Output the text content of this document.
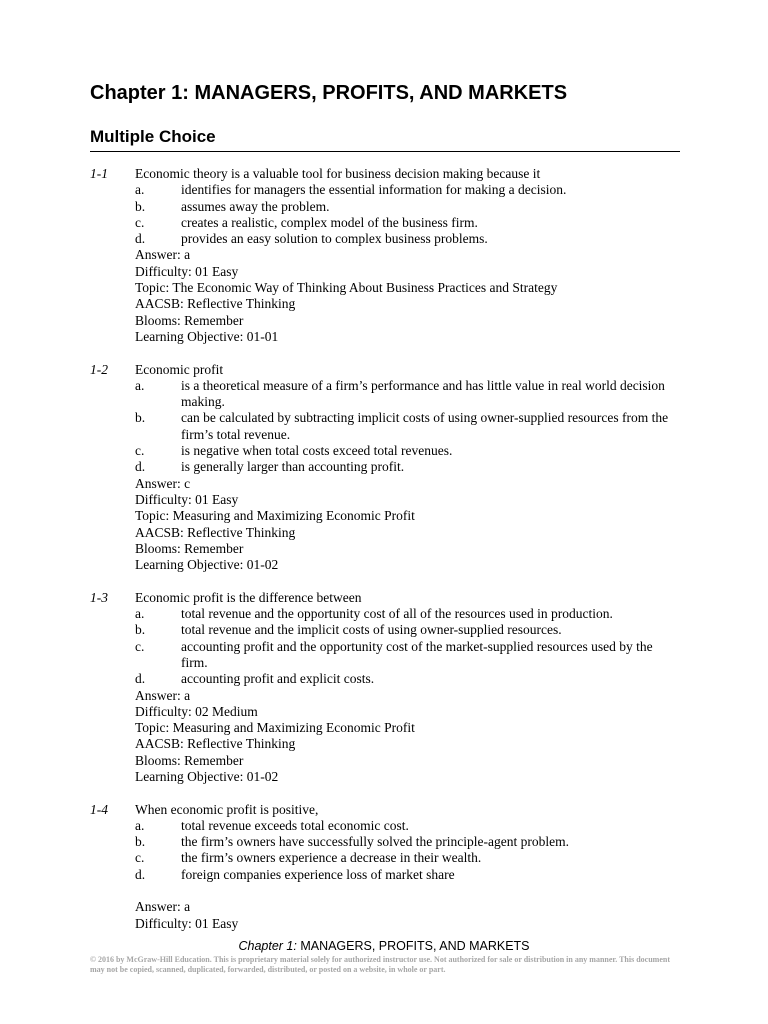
Chapter 1: MANAGERS, PROFITS, AND MARKETS
Multiple Choice
1-1 Economic theory is a valuable tool for business decision making because it
a.	identifies for managers the essential information for making a decision.
b.	assumes away the problem.
c.	creates a realistic, complex model of the business firm.
d.	provides an easy solution to complex business problems.
Answer: a
Difficulty: 01 Easy
Topic: The Economic Way of Thinking About Business Practices and Strategy
AACSB: Reflective Thinking
Blooms: Remember
Learning Objective: 01-01
1-2 Economic profit
a.	is a theoretical measure of a firm’s performance and has little value in real world decision making.
b.	can be calculated by subtracting implicit costs of using owner-supplied resources from the firm’s total revenue.
c.	is negative when total costs exceed total revenues.
d.	is generally larger than accounting profit.
Answer: c
Difficulty: 01 Easy
Topic: Measuring and Maximizing Economic Profit
AACSB: Reflective Thinking
Blooms: Remember
Learning Objective: 01-02
1-3 Economic profit is the difference between
a.	total revenue and the opportunity cost of all of the resources used in production.
b.	total revenue and the implicit costs of using owner-supplied resources.
c.	accounting profit and the opportunity cost of the market-supplied resources used by the firm.
d.	accounting profit and explicit costs.
Answer: a
Difficulty: 02 Medium
Topic: Measuring and Maximizing Economic Profit
AACSB: Reflective Thinking
Blooms: Remember
Learning Objective: 01-02
1-4 When economic profit is positive,
a.	total revenue exceeds total economic cost.
b.	the firm’s owners have successfully solved the principle-agent problem.
c.	the firm’s owners experience a decrease in their wealth.
d.	foreign companies experience loss of market share
Answer: a
Difficulty: 01 Easy
Chapter 1: MANAGERS, PROFITS, AND MARKETS
© 2016 by McGraw-Hill Education. This is proprietary material solely for authorized instructor use. Not authorized for sale or distribution in any manner. This document may not be copied, scanned, duplicated, forwarded, distributed, or posted on a website, in whole or part.
